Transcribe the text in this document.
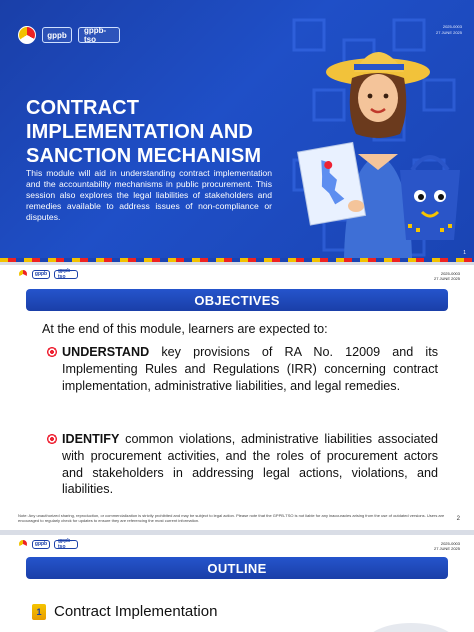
gppb	gppb-tso
2025-0003
27 JUNE 2025
CONTRACT
IMPLEMENTATION AND
SANCTION MECHANISM

This module will aid in understanding contract implementation and the accountability mechanisms in public procurement. This session also explores the legal liabilities of stakeholders and remedies available to address issues of non-compliance or disputes.

1
gppb	gppb-tso
2025-0003
27 JUNE 2025
OBJECTIVES

At the end of this module, learners are expected to:

UNDERSTAND key provisions of RA No. 12009 and its Implementing Rules and Regulations (IRR) concerning contract implementation, administrative liabilities, and legal remedies.
IDENTIFY common violations, administrative liabilities associated with procurement activities, and the roles of procurement actors and stakeholders in addressing legal actions, violations, and liabilities.

Note: Any unauthorized sharing, reproduction, or commercialization is strictly prohibited and may be subject to legal action. Please note that the GPPB-TSO is not liable for any inaccuracies arising from the use of outdated versions. Users are encouraged to regularly check for updates to ensure they are referencing the most current information.	2
gppb	gppb-tso
2025-0003
27 JUNE 2025
OUTLINE
1 Contract Implementation
